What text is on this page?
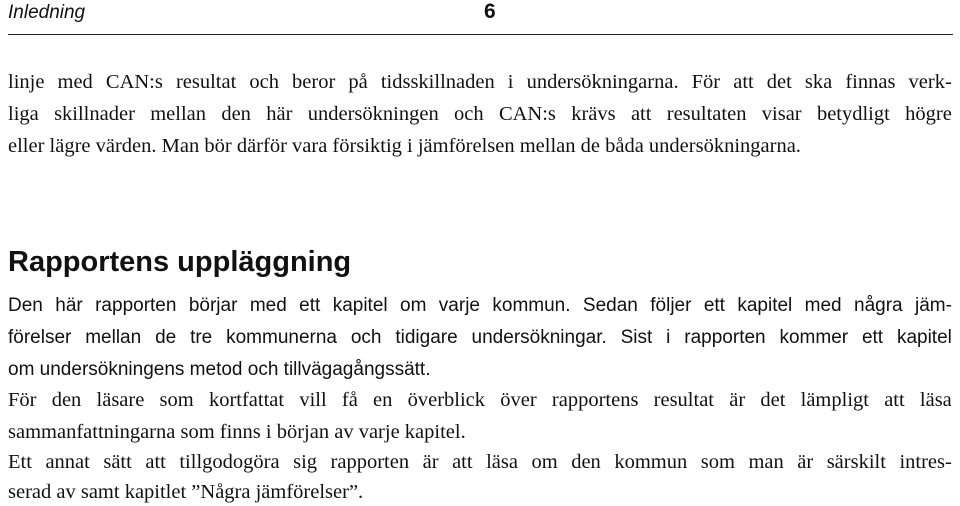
Inledning	6
linje med CAN:s resultat och beror på tidsskillnaden i undersökningarna. För att det ska finnas verk-
liga skillnader mellan den här undersökningen och CAN:s krävs att resultaten visar betydligt högre
eller lägre värden. Man bör därför vara försiktig i jämförelsen mellan de båda undersökningarna.
Rapportens uppläggning
Den här rapporten börjar med ett kapitel om varje kommun. Sedan följer ett kapitel med några jäm-
förelser mellan de tre kommunerna och tidigare undersökningar. Sist i rapporten kommer ett kapitel
om undersökningens metod och tillvägagångssätt.
För den läsare som kortfattat vill få en överblick över rapportens resultat är det lämpligt att läsa
sammanfattningarna som finns i början av varje kapitel.
Ett annat sätt att tillgodogöra sig rapporten är att läsa om den kommun som man är särskilt intres-
serad av samt kapitlet ”Några jämförelser”.
